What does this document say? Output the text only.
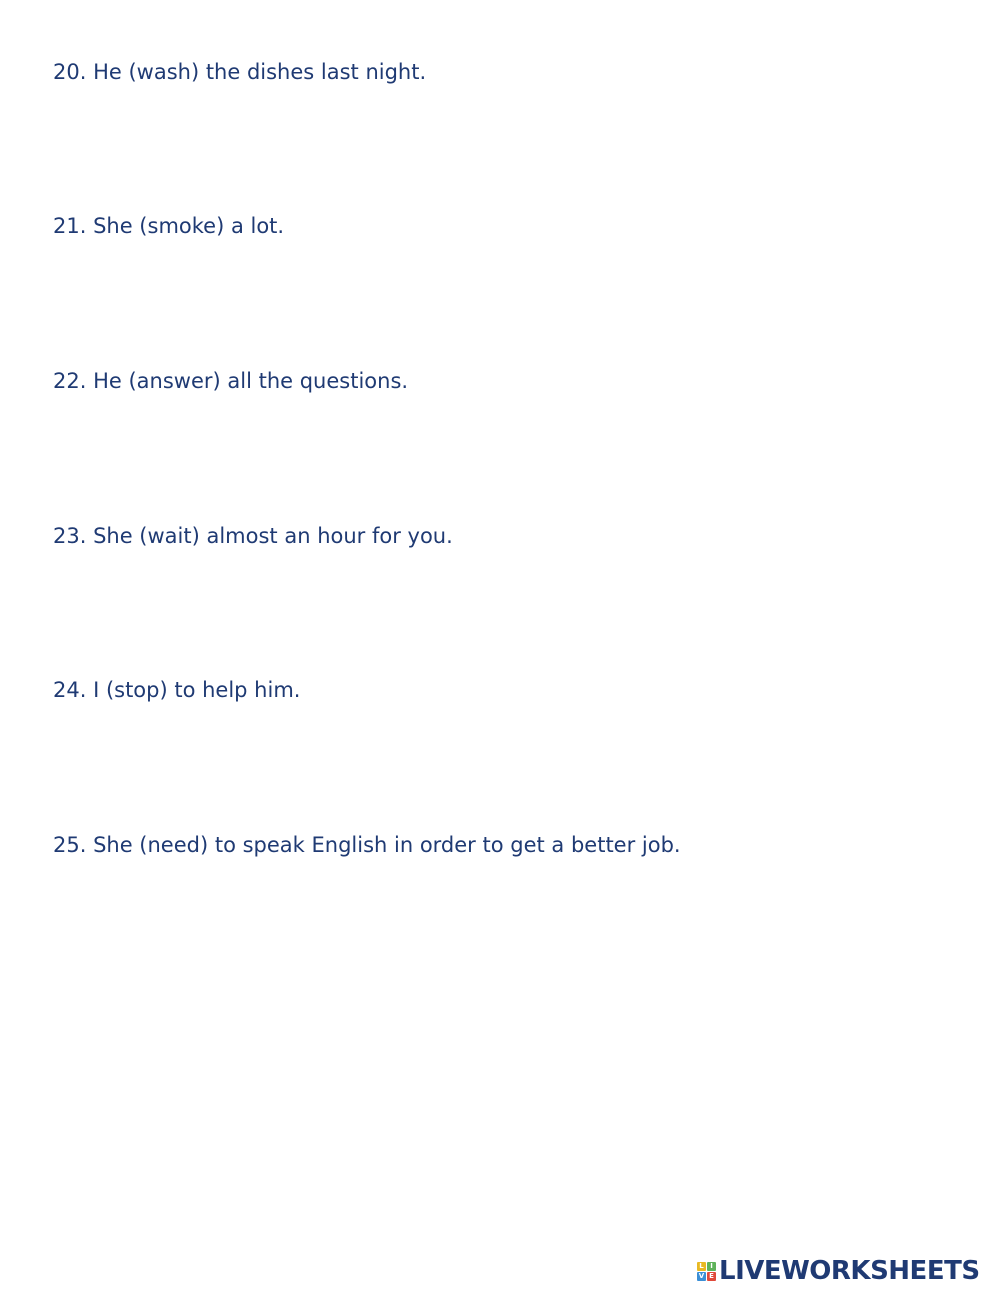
20. He (wash) the dishes last night.
21. She (smoke) a lot.
22. He (answer) all the questions.
23. She (wait) almost an hour for you.
24. I (stop) to help him.
25. She (need) to speak English in order to get a better job.
L I
V E LIVEWORKSHEETS
